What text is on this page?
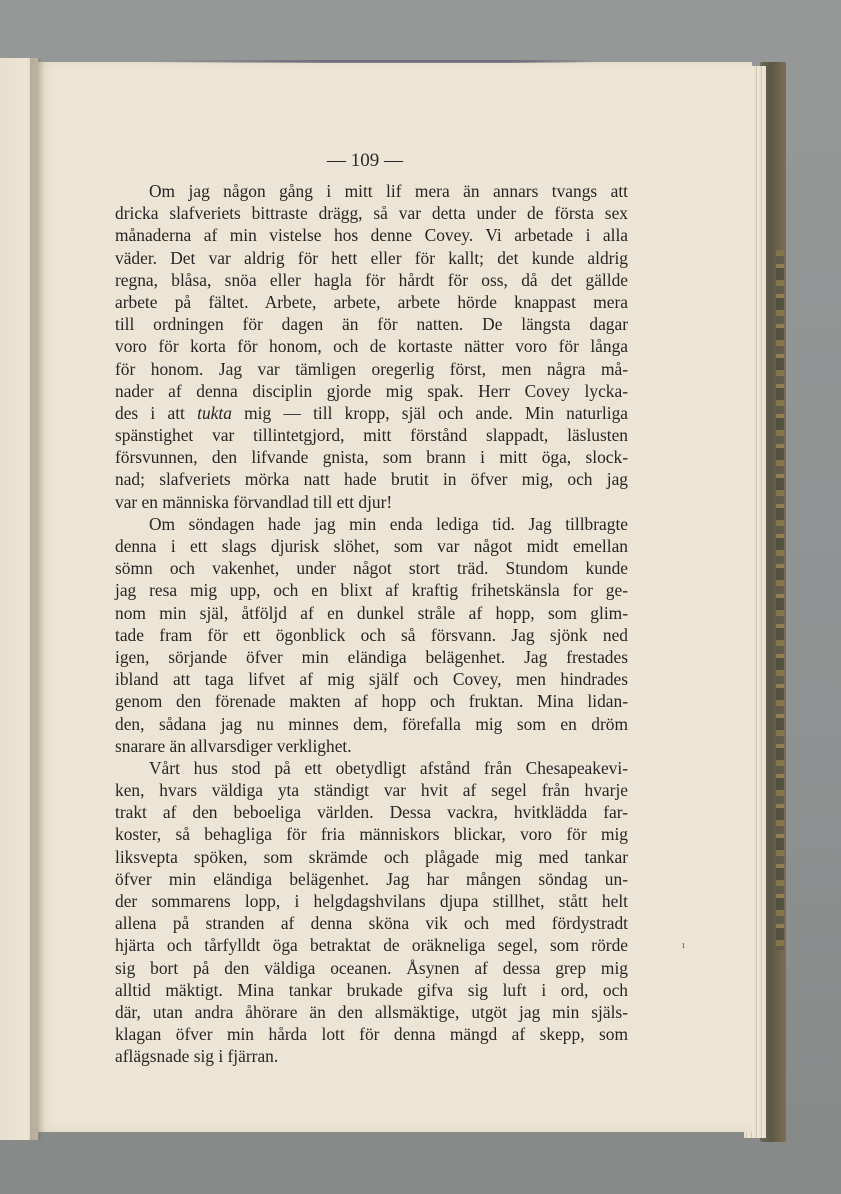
— 109 —
Om jag någon gång i mitt lif mera än annars tvangs att
dricka slafveriets bittraste drägg, så var detta under de första sex
månaderna af min vistelse hos denne Covey. Vi arbetade i alla
väder. Det var aldrig för hett eller för kallt; det kunde aldrig
regna, blåsa, snöa eller hagla för hårdt för oss, då det gällde
arbete på fältet. Arbete, arbete, arbete hörde knappast mera
till ordningen för dagen än för natten. De längsta dagar
voro för korta för honom, och de kortaste nätter voro för långa
för honom. Jag var tämligen oregerlig först, men några må-
nader af denna disciplin gjorde mig spak. Herr Covey lycka-
des i att tukta mig — till kropp, själ och ande. Min naturliga
spänstighet var tillintetgjord, mitt förstånd slappadt, läslusten
försvunnen, den lifvande gnista, som brann i mitt öga, slock-
nad; slafveriets mörka natt hade brutit in öfver mig, och jag
var en människa förvandlad till ett djur!
Om söndagen hade jag min enda lediga tid. Jag tillbragte
denna i ett slags djurisk slöhet, som var något midt emellan
sömn och vakenhet, under något stort träd. Stundom kunde
jag resa mig upp, och en blixt af kraftig frihetskänsla for ge-
nom min själ, åtföljd af en dunkel stråle af hopp, som glim-
tade fram för ett ögonblick och så försvann. Jag sjönk ned
igen, sörjande öfver min eländiga belägenhet. Jag frestades
ibland att taga lifvet af mig själf och Covey, men hindrades
genom den förenade makten af hopp och fruktan. Mina lidan-
den, sådana jag nu minnes dem, förefalla mig som en dröm
snarare än allvarsdiger verklighet.
Vårt hus stod på ett obetydligt afstånd från Chesapeakevi-
ken, hvars väldiga yta ständigt var hvit af segel från hvarje
trakt af den beboeliga världen. Dessa vackra, hvitklädda far-
koster, så behagliga för fria människors blickar, voro för mig
liksvepta spöken, som skrämde och plågade mig med tankar
öfver min eländiga belägenhet. Jag har mången söndag un-
der sommarens lopp, i helgdagshvilans djupa stillhet, stått helt
allena på stranden af denna sköna vik och med fördystradt
hjärta och tårfylldt öga betraktat de oräkneliga segel, som rörde
sig bort på den väldiga oceanen. Åsynen af dessa grep mig
alltid mäktigt. Mina tankar brukade gifva sig luft i ord, och
där, utan andra åhörare än den allsmäktige, utgöt jag min själs-
klagan öfver min hårda lott för denna mängd af skepp, som
aflägsnade sig i fjärran.
ı
